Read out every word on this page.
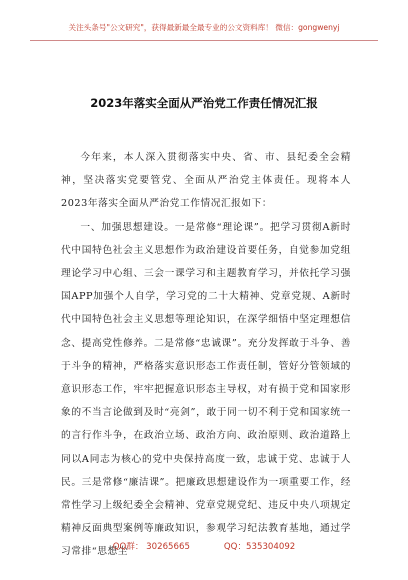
关注头条号"公文研究"，获得最新最全最专业的公文资料库！ 微信：gongwenyj
2023年落实全面从严治党工作责任情况汇报

今年来，本人深入贯彻落实中央、省、市、县纪委全会精神，坚决落实党要管党、全面从严治党主体责任。现将本人2023年落实全面从严治党工作情况汇报如下：

一、加强思想建设。一是常修“理论课”。把学习贯彻A新时代中国特色社会主义思想作为政治建设首要任务，自觉参加党组理论学习中心组、三会一课学习和主题教育学习，并依托学习强国APP加强个人自学，学习党的二十大精神、党章党规、A新时代中国特色社会主义思想等理论知识，在深学细悟中坚定理想信念、提高党性修养。二是常修“忠诚课”。充分发挥敢于斗争、善于斗争的精神，严格落实意识形态工作责任制，管好分管领域的意识形态工作，牢牢把握意识形态主导权，对有损于党和国家形象的不当言论做到及时“亮剑”，敢于同一切不利于党和国家统一的言行作斗争，在政治立场、政治方向、政治原则、政治道路上同以A同志为核心的党中央保持高度一致，忠诚于党、忠诚于人民。三是常修“廉洁课”。把廉政思想建设作为一项重要工作，经常性学习上级纪委全会精神、党章党规党纪、违反中央八项规定精神反面典型案例等廉政知识，参观学习纪法教育基地，通过学习常排“思想尘

QQ群： 30265665	QQ：535304092
